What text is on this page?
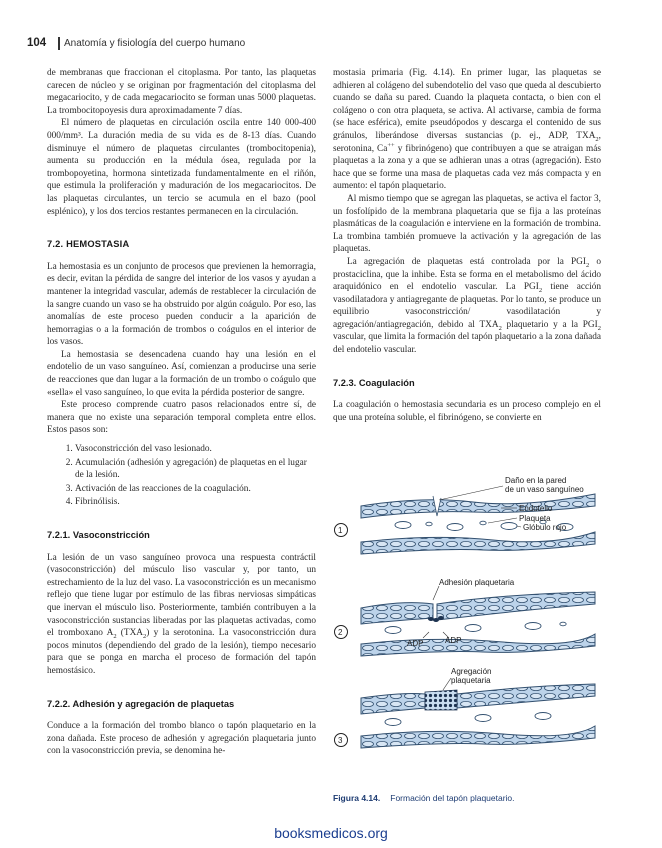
104 Anatomía y fisiología del cuerpo humano

de membranas que fraccionan el citoplasma. Por tanto, las plaquetas carecen de núcleo y se originan por fragmentación del citoplasma del megacariocito, y de cada megacariocito se forman unas 5000 plaquetas. La trombocitopoyesis dura aproximadamente 7 días.

El número de plaquetas en circulación oscila entre 140 000-400 000/mm³. La duración media de su vida es de 8-13 días. Cuando disminuye el número de plaquetas circulantes (trombocitopenia), aumenta su producción en la médula ósea, regulada por la trombopoyetina, hormona sintetizada fundamentalmente en el riñón, que estimula la proliferación y maduración de los megacariocitos. De las plaquetas circulantes, un tercio se acumula en el bazo (pool esplénico), y los dos tercios restantes permanecen en la circulación.

7.2. HEMOSTASIA

La hemostasia es un conjunto de procesos que previenen la hemorragia, es decir, evitan la pérdida de sangre del interior de los vasos y ayudan a mantener la integridad vascular, además de restablecer la circulación de la sangre cuando un vaso se ha obstruido por algún coágulo. Por eso, las anomalías de este proceso pueden conducir a la aparición de hemorragias o a la formación de trombos o coágulos en el interior de los vasos.

La hemostasia se desencadena cuando hay una lesión en el endotelio de un vaso sanguíneo. Así, comienzan a producirse una serie de reacciones que dan lugar a la formación de un trombo o coágulo que «sella» el vaso sanguíneo, lo que evita la pérdida posterior de sangre.

Este proceso comprende cuatro pasos relacionados entre sí, de manera que no existe una separación temporal completa entre ellos. Estos pasos son:

1. Vasoconstricción del vaso lesionado.
2. Acumulación (adhesión y agregación) de plaquetas en el lugar de la lesión.
3. Activación de las reacciones de la coagulación.
4. Fibrinólisis.
7.2.1. Vasoconstricción

La lesión de un vaso sanguíneo provoca una respuesta contráctil (vasoconstricción) del músculo liso vascular y, por tanto, un estrechamiento de la luz del vaso. La vasoconstricción es un mecanismo reflejo que tiene lugar por estímulo de las fibras nerviosas simpáticas que inervan el músculo liso. Posteriormente, también contribuyen a la vasoconstricción sustancias liberadas por las plaquetas activadas, como el tromboxano $A_2$ $(TXA_2)$ y la serotonina. La vasoconstricción dura pocos minutos (dependiendo del grado de la lesión), tiempo necesario para que se ponga en marcha el proceso de formación del tapón hemostásico.

7.2.2. Adhesión y agregación de plaquetas

Conduce a la formación del trombo blanco o tapón plaquetario en la zona dañada. Este proceso de adhesión y agregación plaquetaria junto con la vasoconstricción previa, se denomina he-

mostasia primaria (Fig. 4.14). En primer lugar, las plaquetas se adhieren al colágeno del subendotelio del vaso que queda al descubierto cuando se daña su pared. Cuando la plaqueta contacta, o bien con el colágeno o con otra plaqueta, se activa. Al activarse, cambia de forma (se hace esférica), emite pseudópodos y descarga el contenido de sus gránulos, liberándose diversas sustancias (p. ej., ADP, $TXA_2$, serotonina, Ca++ y fibrinógeno) que contribuyen a que se atraigan más plaquetas a la zona y a que se adhieran unas a otras (agregación). Esto hace que se forme una masa de plaquetas cada vez más compacta y en aumento: el tapón plaquetario.

Al mismo tiempo que se agregan las plaquetas, se activa el factor 3, un fosfolípido de la membrana plaquetaria que se fija a las proteínas plasmáticas de la coagulación e interviene en la formación de trombina. La trombina también promueve la activación y la agregación de las plaquetas.

La agregación de plaquetas está controlada por la $PGI_2$ o prostaciclina, que la inhibe. Esta se forma en el metabolismo del ácido araquidónico en el endotelio vascular. La $PGI_2$ tiene acción vasodilatadora y antiagregante de plaquetas. Por lo tanto, se produce un equilibrio vasoconstricción/ vasodilatación y agregación/antiagregación, debido al $TXA_2$ plaquetario y a la $PGI_2$ vascular, que limita la formación del tapón plaquetario a la zona dañada del endotelio vascular.

7.2.3. Coagulación

La coagulación o hemostasia secundaria es un proceso complejo en el que una proteína soluble, el fibrinógeno, se convierte en

Daño en la pared
de un vaso sanguíneo
Endotelio
Plaqueta
Glóbulo rojo
Adhesión plaquetaria
ADP	ADP
Agregación
plaquetaria
1
2
3
Figura 4.14. Formación del tapón plaquetario.
booksmedicos.org
